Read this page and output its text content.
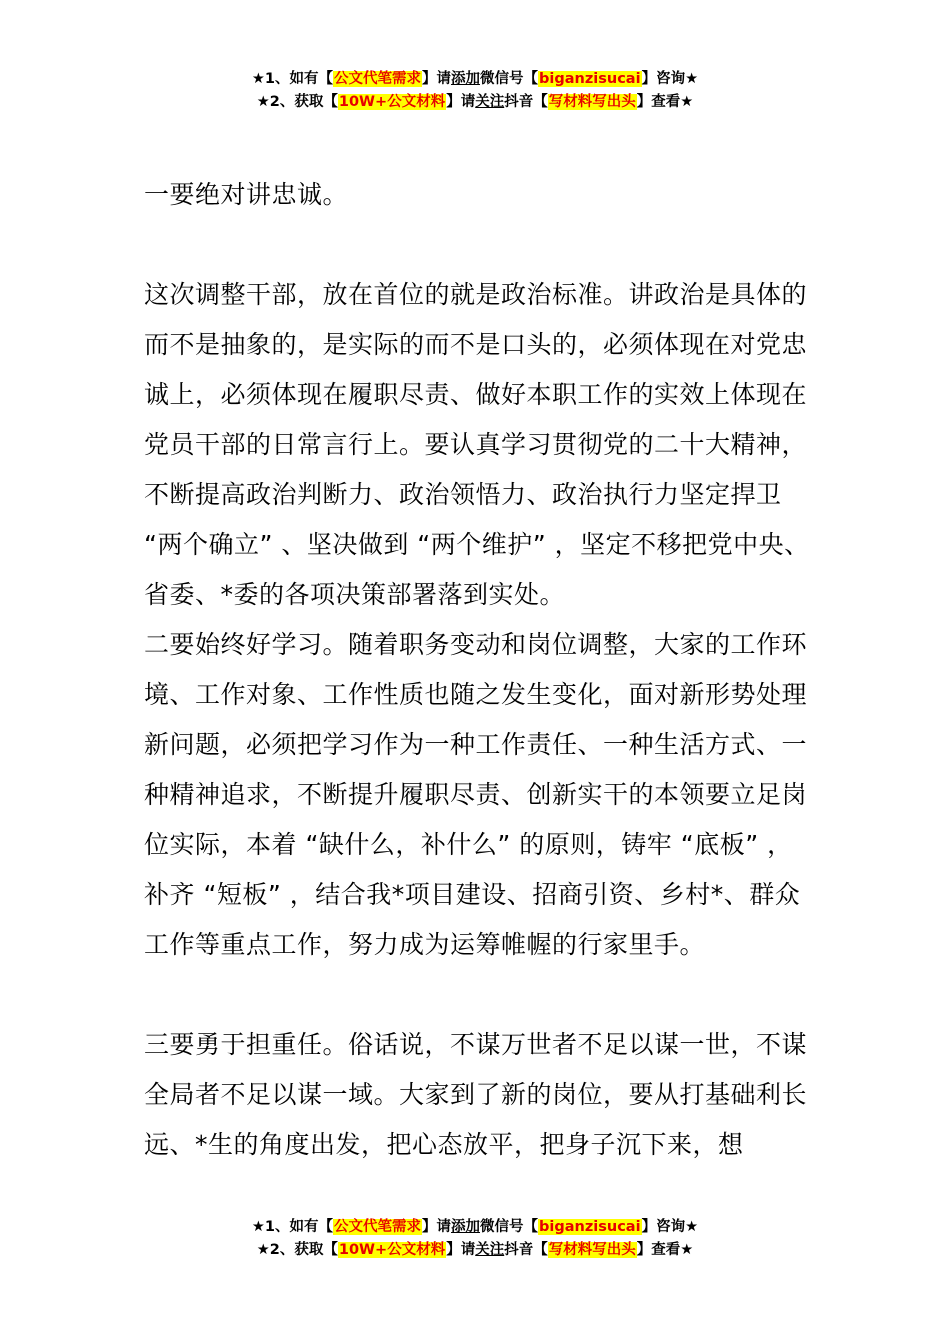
★1、如有【公文代笔需求】请添加微信号【biganzisucai】咨询★
★2、获取【10W+公文材料】请关注抖音【写材料写出头】查看★

一要绝对讲忠诚。

这次调整干部，放在首位的就是政治标准。讲政治是具体的而不是抽象的，是实际的而不是口头的，必须体现在对党忠诚上，必须体现在履职尽责、做好本职工作的实效上体现在党员干部的日常言行上。要认真学习贯彻党的二十大精神，不断提高政治判断力、政治领悟力、政治执行力坚定捍卫 “两个确立” 、坚决做到 “两个维护” ，坚定不移把党中央、省委、*委的各项决策部署落到实处。

二要始终好学习。随着职务变动和岗位调整，大家的工作环境、工作对象、工作性质也随之发生变化，面对新形势处理新问题，必须把学习作为一种工作责任、一种生活方式、一种精神追求，不断提升履职尽责、创新实干的本领要立足岗位实际，本着 “缺什么，补什么” 的原则，铸牢 “底板” ，补齐 “短板” ，结合我*项目建设、招商引资、乡村*、群众工作等重点工作，努力成为运筹帷幄的行家里手。

三要勇于担重任。俗话说，不谋万世者不足以谋一世，不谋全局者不足以谋一域。大家到了新的岗位，要从打基础利长远、*生的角度出发，把心态放平，把身子沉下来，想

★1、如有【公文代笔需求】请添加微信号【biganzisucai】咨询★
★2、获取【10W+公文材料】请关注抖音【写材料写出头】查看★
